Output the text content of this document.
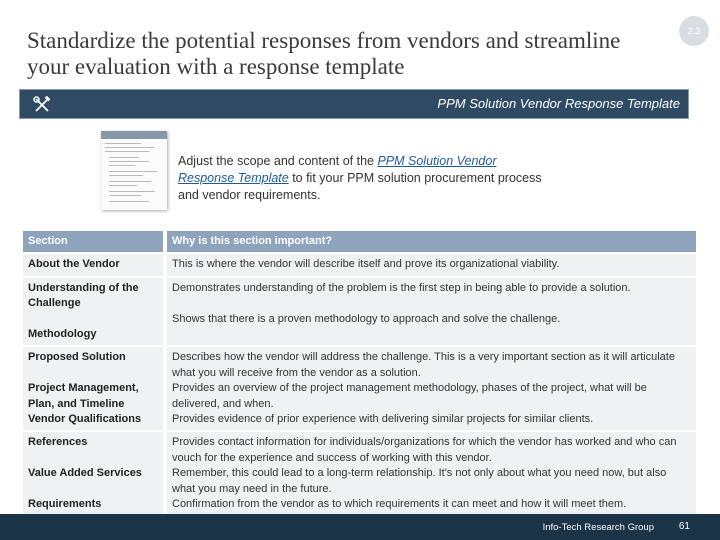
Standardize the potential responses from vendors and streamline your evaluation with a response template
2.3
PPM Solution Vendor Response Template
Adjust the scope and content of the PPM Solution Vendor Response Template to fit your PPM solution procurement process and vendor requirements.
Section	Why is this section important?
About the Vendor	This is where the vendor will describe itself and prove its organizational viability.
Understanding of the Challenge
Methodology
Demonstrates understanding of the problem is the first step in being able to provide a solution.
Shows that there is a proven methodology to approach and solve the challenge.
Proposed Solution
Project Management, Plan, and Timeline
Vendor Qualifications
Describes how the vendor will address the challenge. This is a very important section as it will articulate what you will receive from the vendor as a solution.
Provides an overview of the project management methodology, phases of the project, what will be delivered, and when.
Provides evidence of prior experience with delivering similar projects for similar clients.
References
Value Added Services
Requirements
Provides contact information for individuals/organizations for which the vendor has worked and who can vouch for the experience and success of working with this vendor.
Remember, this could lead to a long-term relationship. It's not only about what you need now, but also what you may need in the future.
Confirmation from the vendor as to which requirements it can meet and how it will meet them.
Info-Tech Research Group 61
